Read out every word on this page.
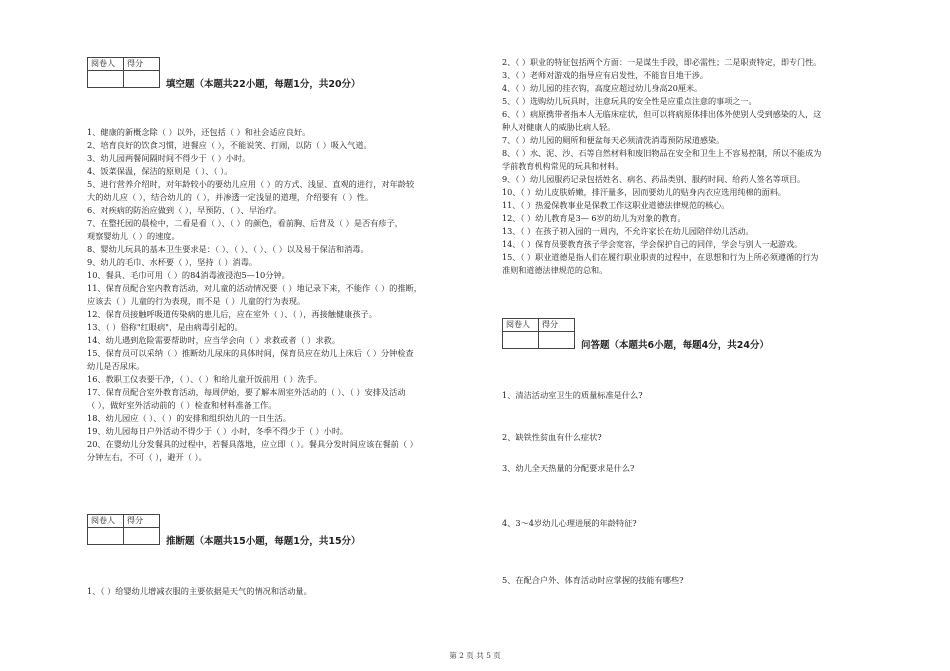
阅卷人	得分

填空题（本题共22小题，每题1分，共20分）
1、健康的新概念除（ ）以外，还包括（ ）和社会适应良好。
2、培育良好的饮食习惯，进餐应（ ），不能说笑、打闹，以防（ ）吸入气道。
3、幼儿园两餐间隔时间不得少于（ ）小时。
4、饭菜保温，保洁的原则是（ ）、（ ）。
5、进行营养介绍时，对年龄较小的要幼儿应用（ ）的方式、浅显、直观的进行，对年龄较
大的幼儿应（ ），结合幼儿的（ ），并渗透一定浅显的道理，介绍要有（ ）性。
6、对疾病的防治应做到（ ），早预防、（ ）、早治疗。
7、在整托园的晨检中，二看是看（ ）、（ ）的颜色，看前胸、后背及（ ）是否有疹子，
观察婴幼儿（ ）的速度。
8、婴幼儿玩具的基本卫生要求是：（ ）、（ ）、（ ）、（ ）以及易于保洁和消毒。
9、幼儿的毛巾、水杯要（ ），坚持（ ）消毒。
10、餐具、毛巾可用（ ）的84消毒液浸泡5—10分钟。
11、保育员配合室内教育活动，对儿童的活动情况要（ ）地记录下来，不能作（ ）的推断，
应该去（ ）儿童的行为表现，而不是（ ）儿童的行为表现。
12、保育员接触呼吸道传染病的患儿后，应在室外（ ）、（ ），再接触健康孩子。
13、（ ）俗称"红眼病"，是由病毒引起的。
14、幼儿遇到危险需要帮助时，应当学会向（ ）求救或者（ ）求救。
15、保育员可以采纳（ ）推断幼儿尿床的具体时间，保育员应在幼儿上床后（ ）分钟检查
幼儿是否尿床。
16、教职工仪表要干净，（ ）、（ ）和给儿童开饭前用（ ）洗手。
17、保育员配合室外教育活动，每周伊始，要了解本周室外活动的（ ）、（ ）安排及活动
（ ），做好室外活动前的（ ）检查和材料准备工作。
18、幼儿园应（ ）、（ ）的安排和组织幼儿的一日生活。
19、幼儿园每日户外活动不得少于（ ）小时，冬季不得少于（ ）小时。
20、在婴幼儿分发餐具的过程中，若餐具落地，应立即（ ）。餐具分发时间应该在餐前（ ）
分钟左右，不可（ ），避开（ ）。
阅卷人	得分

推断题（本题共15小题，每题1分，共15分）
1、（ ）给婴幼儿增减衣服的主要依据是天气的情况和活动量。
2、（ ）职业的特征包括两个方面：一是谋生手段，即必需性；二是职责特定，即专门性。
3、（ ）老师对游戏的指导应有启发性，不能盲目地干涉。
4、（ ）幼儿园的挂衣钩，高度应超过幼儿身高20厘米。
5、（ ）选购幼儿玩具时，注意玩具的安全性是应重点注意的事项之一。
6、（ ）病原携带者指本人无临床症状，但可以将病原体排出体外使别人受到感染的人，这
种人对健康人的威胁比病人轻。
7、（ ）幼儿园的厕所和便盆每天必须清洗消毒预防尿道感染。
8、（ ）水、泥、沙、石等自然材料和废旧物品在安全和卫生上不容易控制，所以不能成为
学前教育机构常见的玩具和材料。
9、（ ）幼儿园服药记录包括姓名、病名、药品类别、服药时间、给药人签名等项目。
10、（ ）幼儿皮肤娇嫩，排汗量多，因而要幼儿的贴身内衣应选用纯棉的面料。
11、（ ）热爱保教事业是保教工作这职业道德法律规范的核心。
12、（ ）幼儿教育是3— 6岁的幼儿为对象的教育。
13、（ ）在孩子初入园的一周内，不允许家长在幼儿园陪伴幼儿活动。
14、（ ）保育员要教育孩子学会宽容，学会保护自己的同伴，学会与别人一起游戏。
15、（ ）职业道德是指人们在履行职业职责的过程中，在思想和行为上所必须遵循的行为
准则和道德法律规范的总和。
阅卷人	得分

问答题（本题共6小题，每题4分，共24分）
1、清洁活动室卫生的质量标准是什么?
2、缺铁性贫血有什么症状?
3、幼儿全天热量的分配要求是什么?
4、3～4岁幼儿心理进展的年龄特征?
5、在配合户外、体育活动时应掌握的技能有哪些?
第 2 页 共 5 页
